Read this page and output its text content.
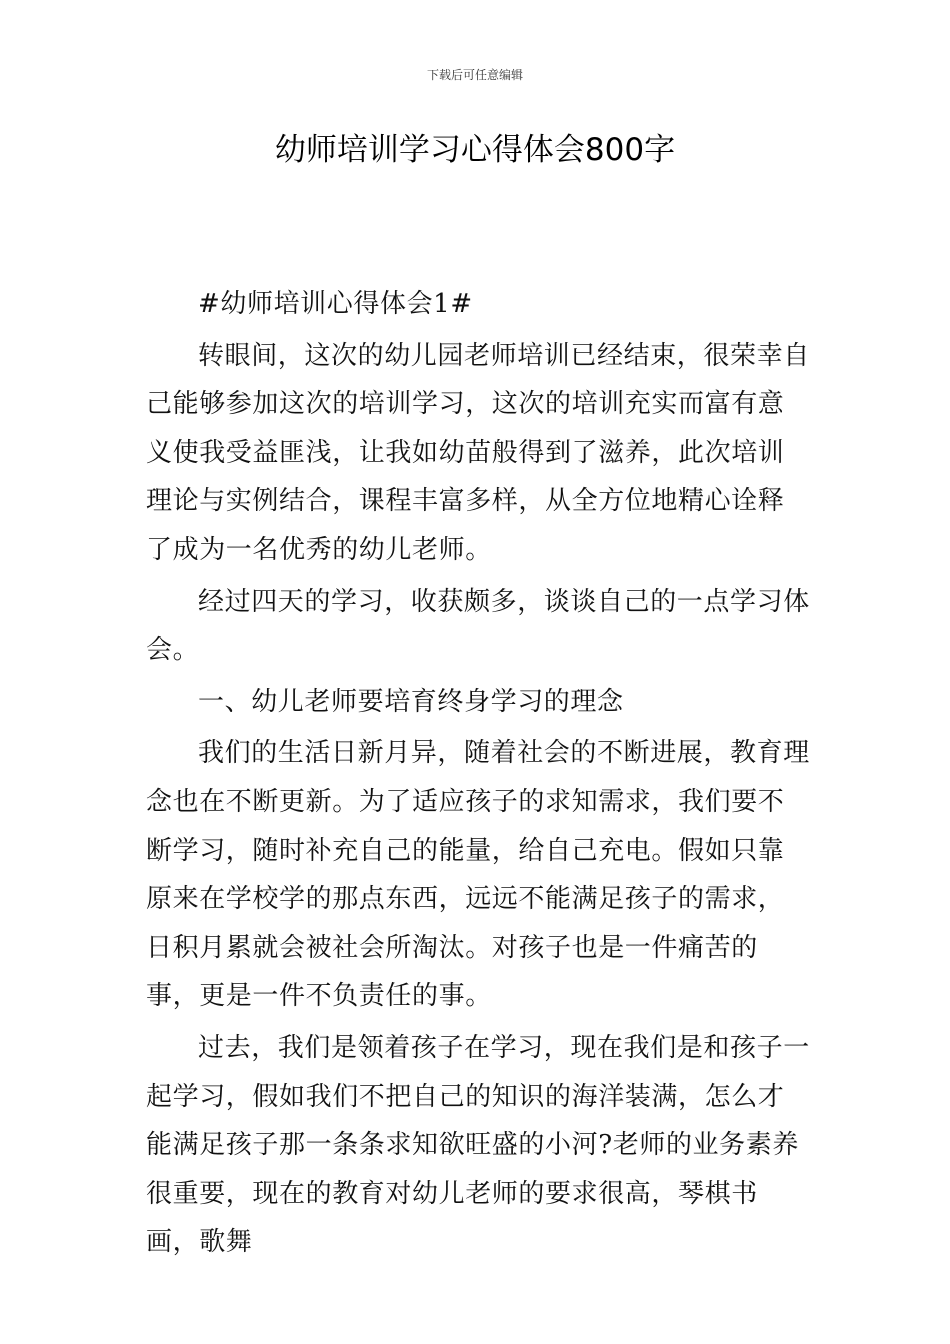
下载后可任意编辑
幼师培训学习心得体会800字

#幼师培训心得体会1#

转眼间，这次的幼儿园老师培训已经结束，很荣幸自己能够参加这次的培训学习，这次的培训充实而富有意义使我受益匪浅，让我如幼苗般得到了滋养，此次培训理论与实例结合，课程丰富多样，从全方位地精心诠释了成为一名优秀的幼儿老师。

经过四天的学习，收获颇多，谈谈自己的一点学习体会。

一、幼儿老师要培育终身学习的理念

我们的生活日新月异，随着社会的不断进展，教育理念也在不断更新。为了适应孩子的求知需求，我们要不断学习，随时补充自己的能量，给自己充电。假如只靠原来在学校学的那点东西，远远不能满足孩子的需求，日积月累就会被社会所淘汰。对孩子也是一件痛苦的事，更是一件不负责任的事。

过去，我们是领着孩子在学习，现在我们是和孩子一起学习，假如我们不把自己的知识的海洋装满，怎么才能满足孩子那一条条求知欲旺盛的小河?老师的业务素养很重要，现在的教育对幼儿老师的要求很高，琴棋书画，歌舞
